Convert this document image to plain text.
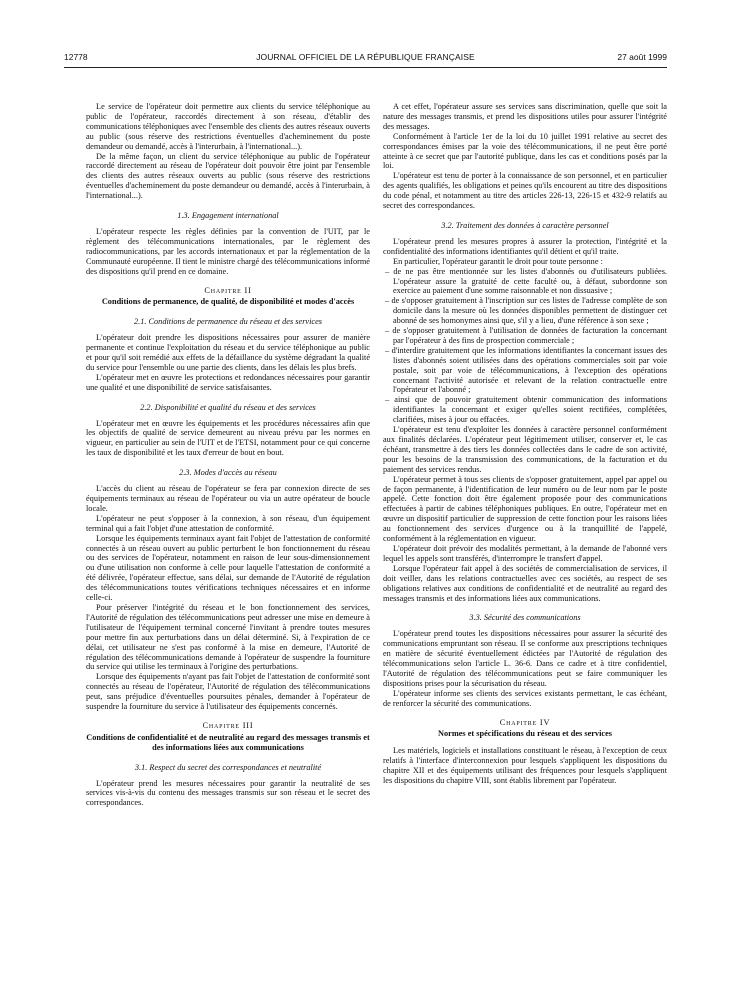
12778	JOURNAL OFFICIEL DE LA RÉPUBLIQUE FRANÇAISE	27 août 1999

Le service de l'opérateur doit permettre aux clients du service téléphonique au public de l'opérateur, raccordés directement à son réseau, d'établir des communications téléphoniques avec l'ensemble des clients des autres réseaux ouverts au public (sous réserve des restrictions éventuelles d'acheminement du poste demandeur ou demandé, accès à l'interurbain, à l'international...).

De la même façon, un client du service téléphonique au public de l'opérateur raccordé directement au réseau de l'opérateur doit pouvoir être joint par l'ensemble des clients des autres réseaux ouverts au public (sous réserve des restrictions éventuelles d'acheminement du poste demandeur ou demandé, accès à l'interurbain, à l'international...).

1.3. Engagement international

L'opérateur respecte les règles définies par la convention de l'UIT, par le règlement des télécommunications internationales, par le règlement des radiocommunications, par les accords internationaux et par la réglementation de la Communauté européenne. Il tient le ministre chargé des télécommunications informé des dispositions qu'il prend en ce domaine.

Chapitre II

Conditions de permanence, de qualité, de disponibilité et modes d'accès

2.1. Conditions de permanence du réseau et des services

L'opérateur doit prendre les dispositions nécessaires pour assurer de manière permanente et continue l'exploitation du réseau et du service téléphonique au public et pour qu'il soit remédié aux effets de la défaillance du système dégradant la qualité du service pour l'ensemble ou une partie des clients, dans les délais les plus brefs.

L'opérateur met en œuvre les protections et redondances nécessaires pour garantir une qualité et une disponibilité de service satisfaisantes.

2.2. Disponibilité et qualité du réseau et des services

L'opérateur met en œuvre les équipements et les procédures nécessaires afin que les objectifs de qualité de service demeurent au niveau prévu par les normes en vigueur, en particulier au sein de l'UIT et de l'ETSI, notamment pour ce qui concerne les taux de disponibilité et les taux d'erreur de bout en bout.

2.3. Modes d'accès au réseau

L'accès du client au réseau de l'opérateur se fera par connexion directe de ses équipements terminaux au réseau de l'opérateur ou via un autre opérateur de boucle locale.

L'opérateur ne peut s'opposer à la connexion, à son réseau, d'un équipement terminal qui a fait l'objet d'une attestation de conformité.

Lorsque les équipements terminaux ayant fait l'objet de l'attestation de conformité connectés à un réseau ouvert au public perturbent le bon fonctionnement du réseau ou des services de l'opérateur, notamment en raison de leur sous-dimensionnement ou d'une utilisation non conforme à celle pour laquelle l'attestation de conformité a été délivrée, l'opérateur effectue, sans délai, sur demande de l'Autorité de régulation des télécommunications toutes vérifications techniques nécessaires et en informe celle-ci.

Pour préserver l'intégrité du réseau et le bon fonctionnement des services, l'Autorité de régulation des télécommunications peut adresser une mise en demeure à l'utilisateur de l'équipement terminal concerné l'invitant à prendre toutes mesures pour mettre fin aux perturbations dans un délai déterminé. Si, à l'expiration de ce délai, cet utilisateur ne s'est pas conformé à la mise en demeure, l'Autorité de régulation des télécommunications demande à l'opérateur de suspendre la fourniture du service qui utilise les terminaux à l'origine des perturbations.

Lorsque des équipements n'ayant pas fait l'objet de l'attestation de conformité sont connectés au réseau de l'opérateur, l'Autorité de régulation des télécommunications peut, sans préjudice d'éventuelles poursuites pénales, demander à l'opérateur de suspendre la fourniture du service à l'utilisateur des équipements concernés.

Chapitre III

Conditions de confidentialité et de neutralité au regard des messages transmis et des informations liées aux communications

3.1. Respect du secret des correspondances et neutralité

L'opérateur prend les mesures nécessaires pour garantir la neutralité de ses services vis-à-vis du contenu des messages transmis sur son réseau et le secret des correspondances.

A cet effet, l'opérateur assure ses services sans discrimination, quelle que soit la nature des messages transmis, et prend les dispositions utiles pour assurer l'intégrité des messages.

Conformément à l'article 1er de la loi du 10 juillet 1991 relative au secret des correspondances émises par la voie des télécommunications, il ne peut être porté atteinte à ce secret que par l'autorité publique, dans les cas et conditions posés par la loi.

L'opérateur est tenu de porter à la connaissance de son personnel, et en particulier des agents qualifiés, les obligations et peines qu'ils encourent au titre des dispositions du code pénal, et notamment au titre des articles 226-13, 226-15 et 432-9 relatifs au secret des correspondances.

3.2. Traitement des données à caractère personnel

L'opérateur prend les mesures propres à assurer la protection, l'intégrité et la confidentialité des informations identifiantes qu'il détient et qu'il traite.

En particulier, l'opérateur garantit le droit pour toute personne :

– de ne pas être mentionnée sur les listes d'abonnés ou d'utilisateurs publiées. L'opérateur assure la gratuité de cette faculté ou, à défaut, subordonne son exercice au paiement d'une somme raisonnable et non dissuasive ;
– de s'opposer gratuitement à l'inscription sur ces listes de l'adresse complète de son domicile dans la mesure où les données disponibles permettent de distinguer cet abonné de ses homonymes ainsi que, s'il y a lieu, d'une référence à son sexe ;
– de s'opposer gratuitement à l'utilisation de données de facturation la concernant par l'opérateur à des fins de prospection commerciale ;
– d'interdire gratuitement que les informations identifiantes la concernant issues des listes d'abonnés soient utilisées dans des opérations commerciales soit par voie postale, soit par voie de télécommunications, à l'exception des opérations concernant l'activité autorisée et relevant de la relation contractuelle entre l'opérateur et l'abonné ;
– ainsi que de pouvoir gratuitement obtenir communication des informations identifiantes la concernant et exiger qu'elles soient rectifiées, complétées, clarifiées, mises à jour ou effacées.

L'opérateur est tenu d'exploiter les données à caractère personnel conformément aux finalités déclarées. L'opérateur peut légitimement utiliser, conserver et, le cas échéant, transmettre à des tiers les données collectées dans le cadre de son activité, pour les besoins de la transmission des communications, de la facturation et du paiement des services rendus.

L'opérateur permet à tous ses clients de s'opposer gratuitement, appel par appel ou de façon permanente, à l'identification de leur numéro ou de leur nom par le poste appelé. Cette fonction doit être également proposée pour des communications effectuées à partir de cabines téléphoniques publiques. En outre, l'opérateur met en œuvre un dispositif particulier de suppression de cette fonction pour les raisons liées au fonctionnement des services d'urgence ou à la tranquillité de l'appelé, conformément à la réglementation en vigueur.

L'opérateur doit prévoir des modalités permettant, à la demande de l'abonné vers lequel les appels sont transférés, d'interrompre le transfert d'appel.

Lorsque l'opérateur fait appel à des sociétés de commercialisation de services, il doit veiller, dans les relations contractuelles avec ces sociétés, au respect de ses obligations relatives aux conditions de confidentialité et de neutralité au regard des messages transmis et des informations liées aux communications.

3.3. Sécurité des communications

L'opérateur prend toutes les dispositions nécessaires pour assurer la sécurité des communications empruntant son réseau. Il se conforme aux prescriptions techniques en matière de sécurité éventuellement édictées par l'Autorité de régulation des télécommunications selon l'article L. 36-6. Dans ce cadre et à titre confidentiel, l'Autorité de régulation des télécommunications peut se faire communiquer les dispositions prises pour la sécurisation du réseau.

L'opérateur informe ses clients des services existants permettant, le cas échéant, de renforcer la sécurité des communications.

Chapitre IV

Normes et spécifications du réseau et des services

Les matériels, logiciels et installations constituant le réseau, à l'exception de ceux relatifs à l'interface d'interconnexion pour lesquels s'appliquent les dispositions du chapitre XII et des équipements utilisant des fréquences pour lesquels s'appliquent les dispositions du chapitre VIII, sont établis librement par l'opérateur.
